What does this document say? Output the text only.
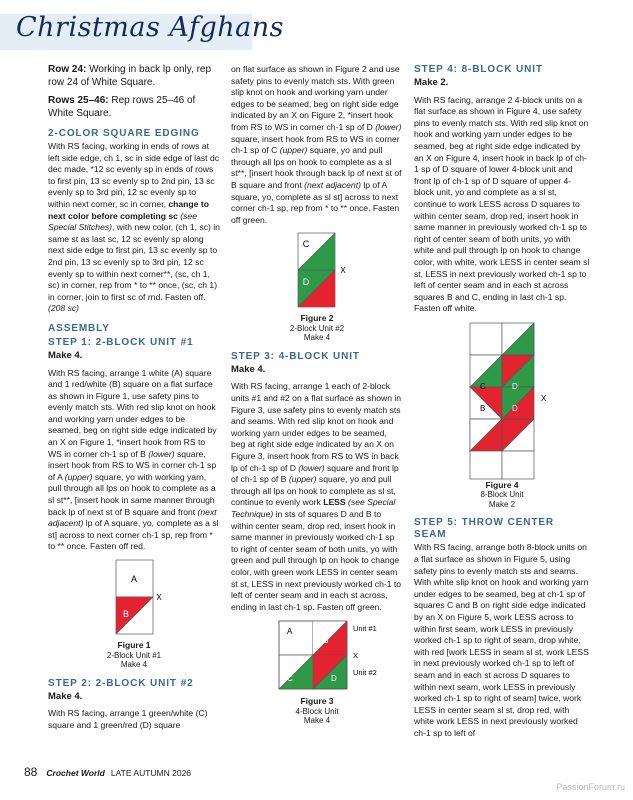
Christmas Afghans

Row 24: Working in back lp only, rep row 24 of White Square.

Rows 25–46: Rep rows 25–46 of White Square.

2-COLOR SQUARE EDGING

With RS facing, working in ends of rows at left side edge, ch 1, sc in side edge of last dc dec made, *12 sc evenly sp in ends of rows to first pin, 13 sc evenly sp to 2nd pin, 13 sc evenly sp to 3rd pin, 12 sc evenly sp to within next corner, sc in corner, change to next color before completing sc (see Special Stitches), with new color, (ch 1, sc) in same st as last sc, 12 sc evenly sp along next side edge to first pin, 13 sc evenly sp to 2nd pin, 13 sc evenly sp to 3rd pin, 12 sc evenly sp to within next corner**, (sc, ch 1, sc) in corner, rep from * to ** once, (sc, ch 1) in corner, join to first sc of rnd. Fasten off. (208 sc)

ASSEMBLY
STEP 1: 2-BLOCK UNIT #1
Make 4.

With RS facing, arrange 1 white (A) square and 1 red/white (B) square on a flat surface as shown in Figure 1, use safety pins to evenly match sts. With red slip knot on hook and working yarn under edges to be seamed, beg on right side edge indicated by an X on Figure 1, *insert hook from RS to WS in corner ch-1 sp of B (lower) square, insert hook from RS to WS in corner ch-1 sp of A (upper) square, yo with working yarn, pull through all lps on hook to complete as a sl st**, [insert hook in same manner through back lp of next st of B square and front (next adjacent) lp of A square, yo, complete as a sl st] across to next corner ch-1 sp, rep from * to ** once. Fasten off red.

A
B
X
Figure 1
2-Block Unit #1
Make 4
STEP 2: 2-BLOCK UNIT #2
Make 4.

With RS facing, arrange 1 green/white (C) square and 1 green/red (D) square

on flat surface as shown in Figure 2 and use safety pins to evenly match sts. With green slip knot on hook and working yarn under edges to be seamed, beg on right side edge indicated by an X on Figure 2, *insert hook from RS to WS in corner ch-1 sp of D (lower) square, insert hook from RS to WS in corner ch-1 sp of C (upper) square, yo and pull through all lps on hook to complete as a sl st**, [insert hook through back lp of next st of B square and front (next adjacent) lp of A square, yo, complete as sl st] across to next corner ch-1 sp, rep from * to ** once. Fasten off green.

C
D
X
Figure 2
2-Block Unit #2
Make 4
STEP 3: 4-BLOCK UNIT
Make 4.

With RS facing, arrange 1 each of 2-block units #1 and #2 on a flat surface as shown in Figure 3, use safety pins to evenly match sts and seams. With red slip knot on hook and working yarn under edges to be seamed, beg at right side edge indicated by an X on Figure 3, insert hook from RS to WS in back lp of ch-1 sp of D (lower) square and front lp of ch-1 sp of B (upper) square, yo and pull through all lps on hook to complete as sl st, continue to evenly work LESS (see Special Technique) in sts of squares D and B to within center seam, drop red, insert hook in same manner in previously worked ch-1 sp to right of center seam of both units, yo with green and pull through lp on hook to change color, with green work LESS in center seam st st, LESS in next previously worked ch-1 to left of center seam and in each st across, ending in last ch-1 sp. Fasten off green.

A
B
C	D
Unit #1
X
Unit #2
Figure 3
4-Block Unit
Make 4
STEP 4: 8-BLOCK UNIT
Make 2.

With RS facing, arrange 2 4-block units on a flat surface as shown in Figure 4, use safety pins to evenly match sts. With red slip knot on hook and working yarn under edges to be seamed, beg at right side edge indicated by an X on Figure 4, insert hook in back lp of ch-1 sp of D square of lower 4-block unit and front lp of ch-1 sp of D square of upper 4-block unit, yo and complete as a sl st, continue to work LESS across D squares to within center seam, drop red, insert hook in same manner in previously worked ch-1 sp to right of center seam of both units, yo with white and pull through lp on hook to change color, with white, work LESS in center seam sl st, LESS in next previously worked ch-1 sp to left of center seam and in each st across squares B and C, ending in last ch-1 sp. Fasten off white.

C	D
B	D
X
Figure 4
8-Block Unit
Make 2
STEP 5: THROW CENTER SEAM

With RS facing, arrange both 8-block units on a flat surface as shown in Figure 5, using safety pins to evenly match sts and seams. With white slip knot on hook and working yarn under edges to be seamed, beg at ch-1 sp of squares C and B on right side edge indicated by an X on Figure 5, work LESS across to within first seam, work LESS in previously worked ch-1 sp to right of seam, drop white, with red [work LESS in seam sl st, work LESS in next previously worked ch-1 sp to left of seam and in each st across D squares to within next seam, work LESS in previously worked ch-1 sp to right of seam] twice, work LESS in center seam sl st, drop red, with white work LESS in next previously worked ch-1 sp to left of

88 Crochet World LATE AUTUMN 2026
PassionForum.ru
